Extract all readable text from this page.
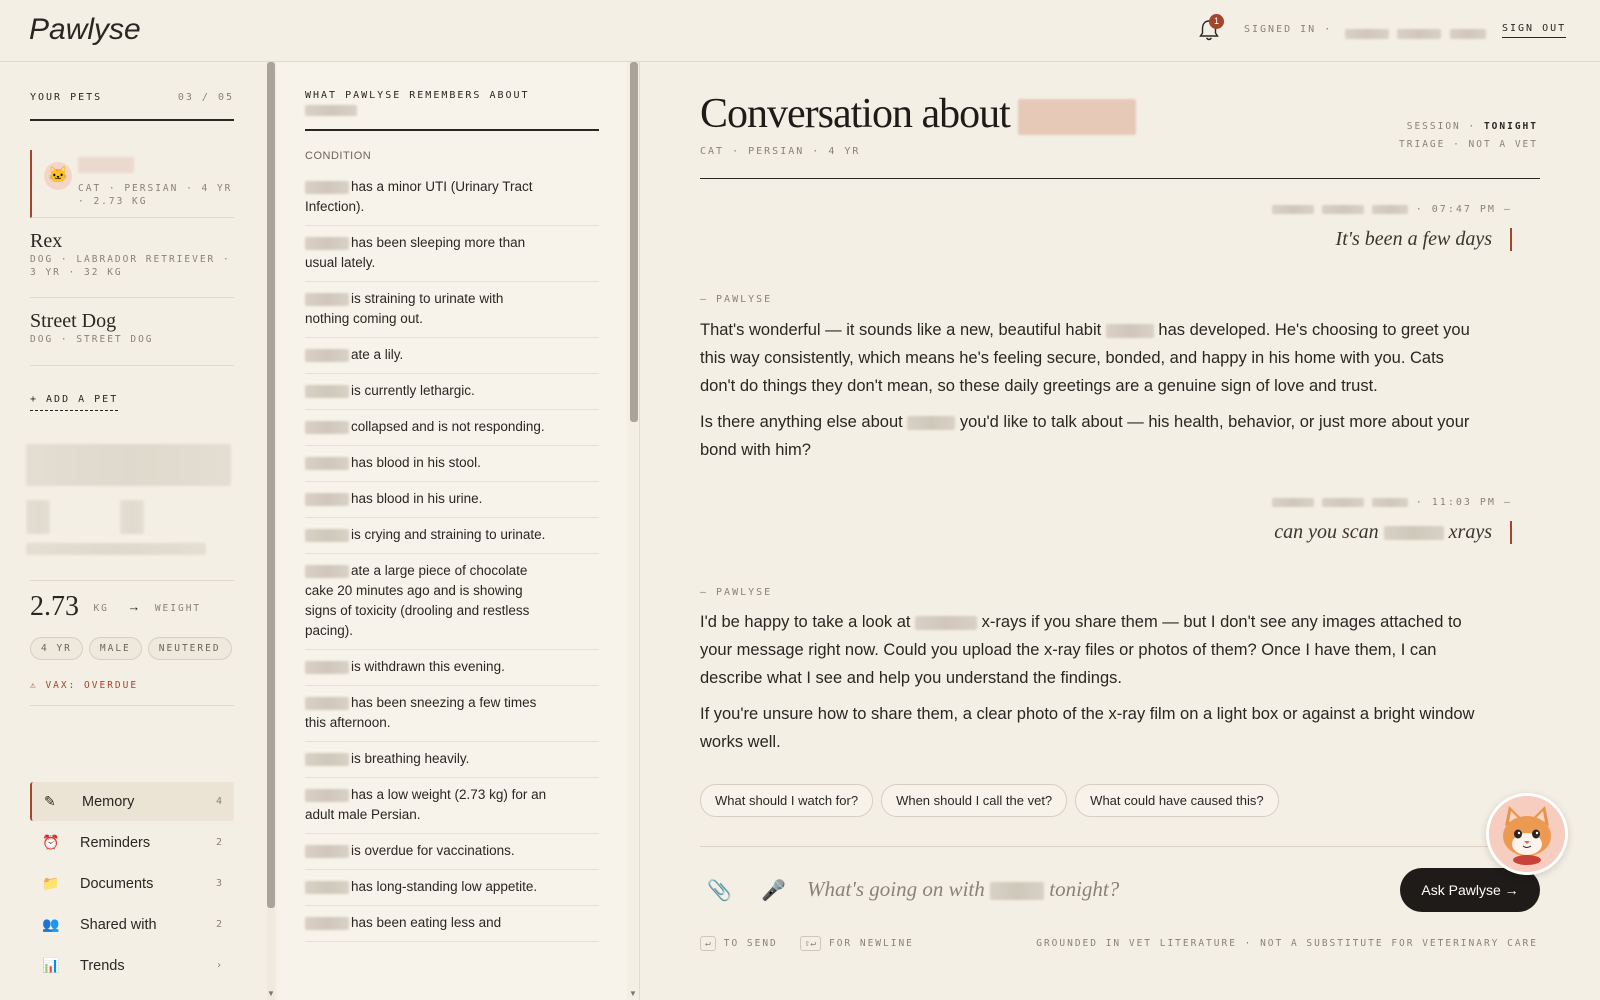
Pawlyse	1
SIGNED IN ·
	SIGN OUT
YOUR PETS	03 / 05
🐱
CAT · PERSIAN · 4 YR · 2.73 KG
Rex
DOG · LABRADOR RETRIEVER · 3 YR · 32 KG
Street Dog
DOG · STREET DOG
+ ADD A PET
2.73 KG → WEIGHT
4 YR	MALE	NEUTERED
⚠ VAX: OVERDUE
✎	Memory	4
⏰	Reminders	2
📁	Documents	3
👥	Shared with	2
📊	Trends	›
▼
WHAT PAWLYSE REMEMBERS ABOUT
CONDITION
has a minor UTI (Urinary Tract Infection).
has been sleeping more than usual lately.
is straining to urinate with nothing coming out.
ate a lily.
is currently lethargic.
collapsed and is not responding.
has blood in his stool.
has blood in his urine.
is crying and straining to urinate.
ate a large piece of chocolate cake 20 minutes ago and is showing signs of toxicity (drooling and restless pacing).
is withdrawn this evening.
has been sneezing a few times this afternoon.
is breathing heavily.
has a low weight (2.73 kg) for an adult male Persian.
is overdue for vaccinations.
has long-standing low appetite.
has been eating less and
▼
Conversation about
CAT · PERSIAN · 4 YR
SESSION · TONIGHT
TRIAGE · NOT A VET
· 07:47 PM —
It's been a few days
— PAWLYSE

That's wonderful — it sounds like a new, beautiful habit	has developed. He's choosing to greet you this way consistently, which means he's feeling secure, bonded, and happy in his home with you. Cats don't do things they don't mean, so these daily greetings are a genuine sign of love and trust.

Is there anything else about	you'd like to talk about — his health, behavior, or just more about your bond with him?

· 11:03 PM —
can you scan	xrays
— PAWLYSE

I'd be happy to take a look at	x-rays if you share them — but I don't see any images attached to your message right now. Could you upload the x-ray files or photos of them? Once I have them, I can describe what I see and help you understand the findings.

If you're unsure how to share them, a clear photo of the x-ray film on a light box or against a bright window works well.

What should I watch for?	When should I call the vet?	What could have caused this?
📎 🎤 What's going on with	tonight?	Ask Pawlyse →
↵ TO SEND	⇧↵ FOR NEWLINE	GROUNDED IN VET LITERATURE · NOT A SUBSTITUTE FOR VETERINARY CARE
